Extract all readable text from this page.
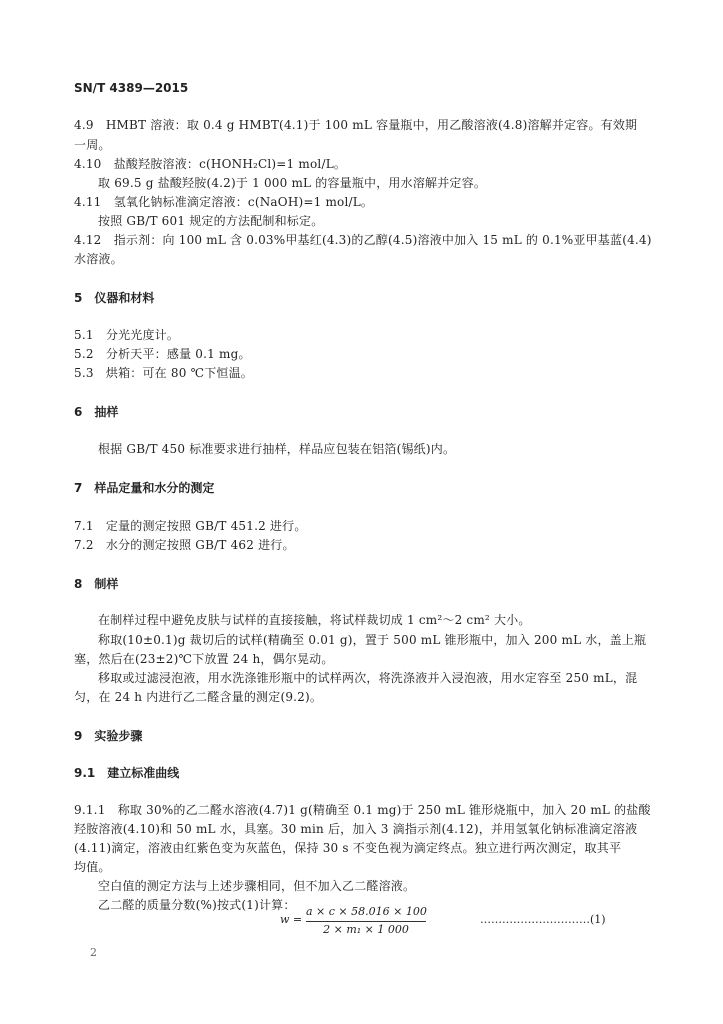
SN/T 4389—2015
4.9　HMBT 溶液：取 0.4 g HMBT(4.1)于 100 mL 容量瓶中，用乙酸溶液(4.8)溶解并定容。有效期
一周。
4.10　盐酸羟胺溶液：c(HONH₂Cl)=1 mol/L。
取 69.5 g 盐酸羟胺(4.2)于 1 000 mL 的容量瓶中，用水溶解并定容。
4.11　氢氧化钠标准滴定溶液：c(NaOH)=1 mol/L。
按照 GB/T 601 规定的方法配制和标定。
4.12　指示剂：向 100 mL 含 0.03%甲基红(4.3)的乙醇(4.5)溶液中加入 15 mL 的 0.1%亚甲基蓝(4.4)
水溶液。
5　仪器和材料
5.1　分光光度计。
5.2　分析天平：感量 0.1 mg。
5.3　烘箱：可在 80 ℃下恒温。
6　抽样
根据 GB/T 450 标准要求进行抽样，样品应包装在铝箔(锡纸)内。
7　样品定量和水分的测定
7.1　定量的测定按照 GB/T 451.2 进行。
7.2　水分的测定按照 GB/T 462 进行。
8　制样
在制样过程中避免皮肤与试样的直接接触，将试样裁切成 1 cm²～2 cm² 大小。
称取(10±0.1)g 裁切后的试样(精确至 0.01 g)，置于 500 mL 锥形瓶中，加入 200 mL 水，盖上瓶
塞，然后在(23±2)℃下放置 24 h，偶尔晃动。
移取或过滤浸泡液，用水洗涤锥形瓶中的试样两次，将洗涤液并入浸泡液，用水定容至 250 mL，混
匀，在 24 h 内进行乙二醛含量的测定(9.2)。
9　实验步骤
9.1　建立标准曲线
9.1.1　称取 30%的乙二醛水溶液(4.7)1 g(精确至 0.1 mg)于 250 mL 锥形烧瓶中，加入 20 mL 的盐酸
羟胺溶液(4.10)和 50 mL 水，具塞。30 min 后，加入 3 滴指示剂(4.12)，并用氢氧化钠标准滴定溶液
(4.11)滴定，溶液由红紫色变为灰蓝色，保持 30 s 不变色视为滴定终点。独立进行两次测定，取其平
均值。
空白值的测定方法与上述步骤相同，但不加入乙二醛溶液。
乙二醛的质量分数(%)按式(1)计算：
w =
a × c × 58.016 × 100
2 × m₁ × 1 000
…………………………(1)
2
